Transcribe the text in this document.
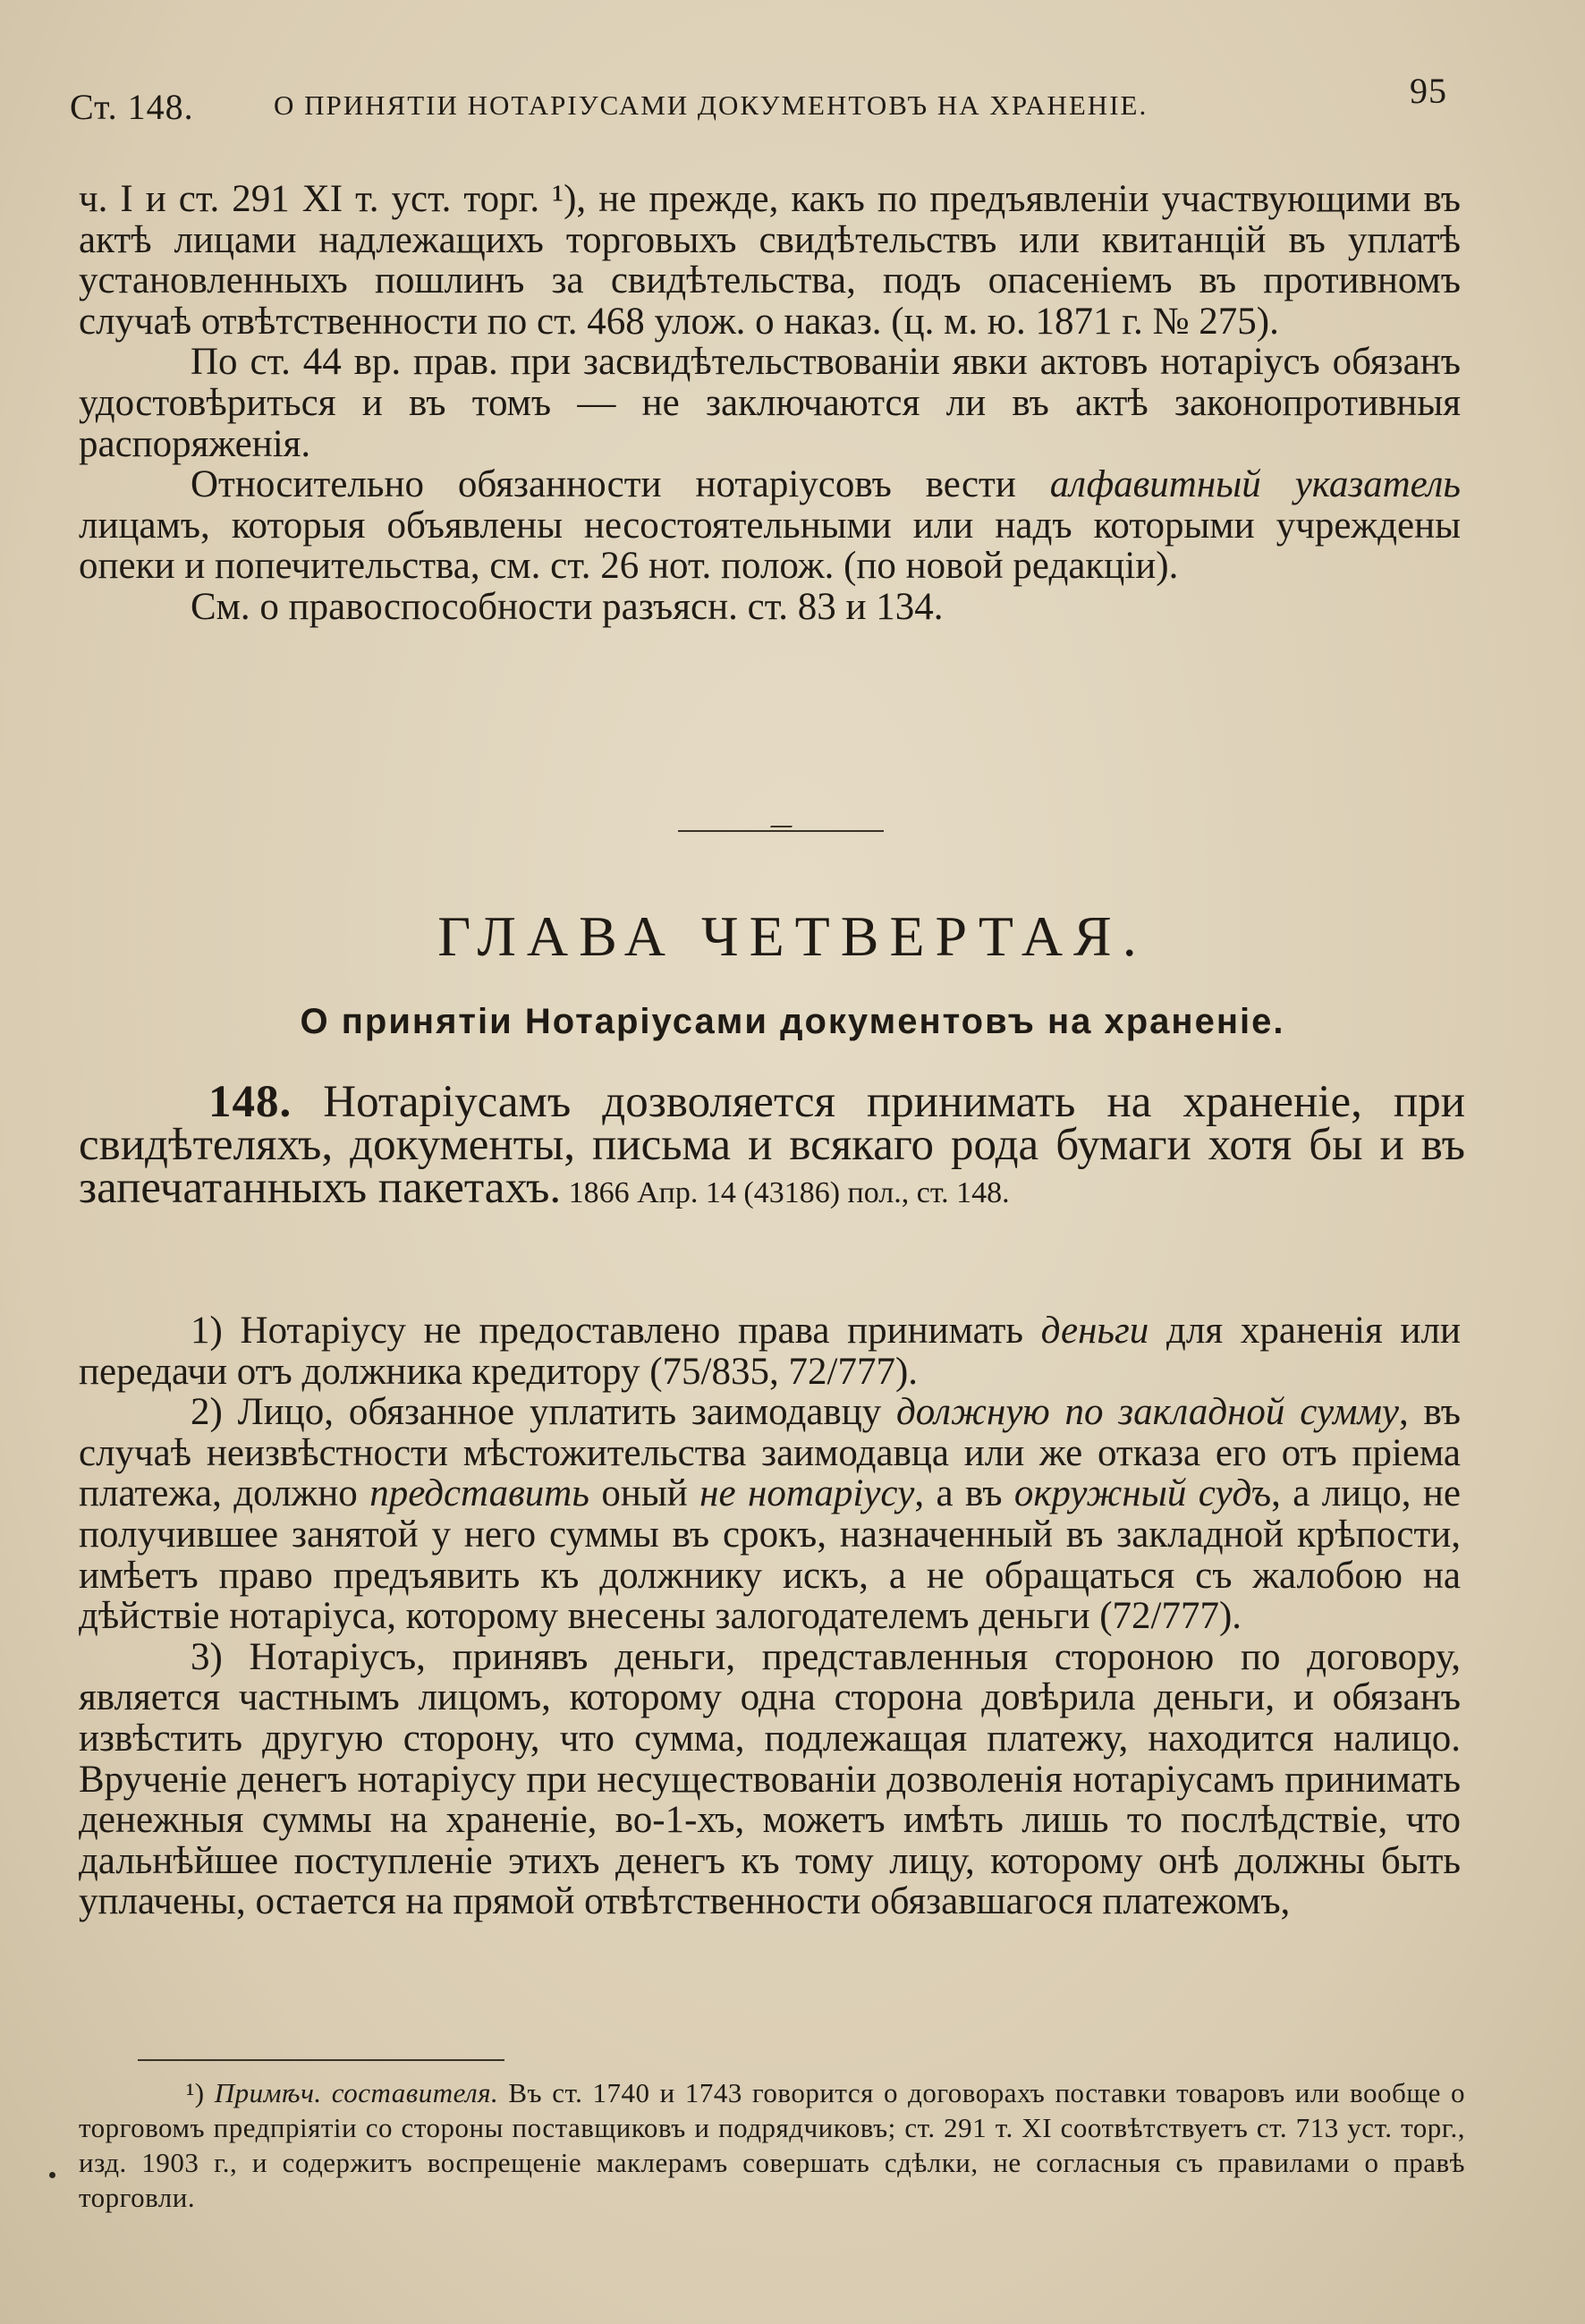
Ст. 148.	О ПРИНЯТІИ НОТАРІУСАМИ ДОКУМЕНТОВЪ НА ХРАНЕНІЕ.	95

ч. I и ст. 291 XI т. уст. торг. ¹), не прежде, какъ по предъявленіи участвующими въ актѣ лицами надлежащихъ торговыхъ свидѣтельствъ или квитанцій въ уплатѣ установленныхъ пошлинъ за свидѣтельства, подъ опасеніемъ въ противномъ случаѣ отвѣтственности по ст. 468 улож. о наказ. (ц. м. ю. 1871 г. № 275).

По ст. 44 вр. прав. при засвидѣтельствованіи явки актовъ нотаріусъ обязанъ удостовѣриться и въ томъ — не заключаются ли въ актѣ законопротивныя распоряженія.

Относительно обязанности нотаріусовъ вести алфавитный указатель лицамъ, которыя объявлены несостоятельными или надъ которыми учреждены опеки и попечительства, см. ст. 26 нот. полож. (по новой редакціи).

См. о правоспособности разъясн. ст. 83 и 134.

ГЛАВА ЧЕТВЕРТАЯ.
О принятіи Нотаріусами документовъ на храненіе.

148. Нотаріусамъ дозволяется принимать на храненіе, при свидѣтеляхъ, документы, письма и всякаго рода бумаги хотя бы и въ запечатанныхъ пакетахъ. 1866 Апр. 14 (43186) пол., ст. 148.

1) Нотаріусу не предоставлено права принимать деньги для храненія или передачи отъ должника кредитору (75/835, 72/777).

2) Лицо, обязанное уплатить заимодавцу должную по закладной сумму, въ случаѣ неизвѣстности мѣстожительства заимодавца или же отказа его отъ пріема платежа, должно представить оный не нотаріусу, а въ окружный судъ, а лицо, не получившее занятой у него суммы въ срокъ, назначенный въ закладной крѣпости, имѣетъ право предъявить къ должнику искъ, а не обращаться съ жалобою на дѣйствіе нотаріуса, которому внесены залогодателемъ деньги (72/777).

3) Нотаріусъ, принявъ деньги, представленныя стороною по договору, является частнымъ лицомъ, которому одна сторона довѣрила деньги, и обязанъ извѣстить другую сторону, что сумма, подлежащая платежу, находится налицо. Врученіе денегъ нотаріусу при несуществованіи дозволенія нотаріусамъ принимать денежныя суммы на храненіе, во-1-хъ, можетъ имѣть лишь то послѣдствіе, что дальнѣйшее поступленіе этихъ денегъ къ тому лицу, которому онѣ должны быть уплачены, остается на прямой отвѣтственности обязавшагося платежомъ,

¹) Примѣч. составителя. Въ ст. 1740 и 1743 говорится о договорахъ поставки товаровъ или вообще о торговомъ предпріятіи со стороны поставщиковъ и подрядчиковъ; ст. 291 т. XI соотвѣтствуетъ ст. 713 уст. торг., изд. 1903 г., и содержитъ воспрещеніе маклерамъ совершать сдѣлки, не согласныя съ правилами о правѣ торговли.
